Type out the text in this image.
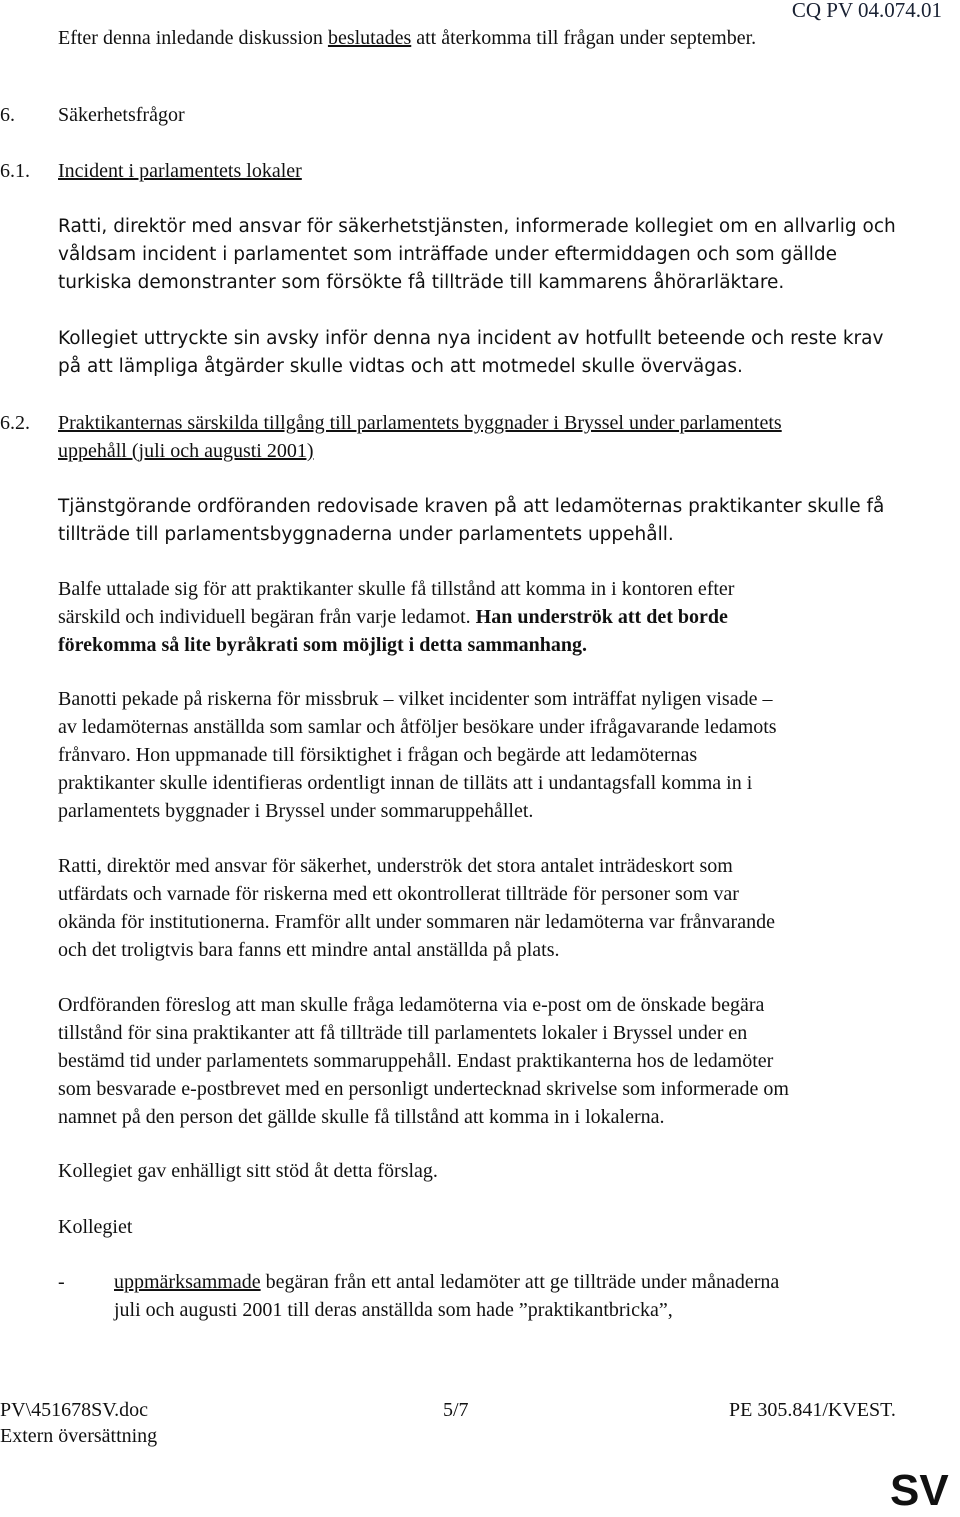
CQ PV 04.074.01
Efter denna inledande diskussion beslutades att återkomma till frågan under september.
6. Säkerhetsfrågor
6.1. Incident i parlamentets lokaler
Ratti, direktör med ansvar för säkerhetstjänsten, informerade kollegiet om en allvarlig och
våldsam incident i parlamentet som inträffade under eftermiddagen och som gällde
turkiska demonstranter som försökte få tillträde till kammarens åhörarläktare.
Kollegiet uttryckte sin avsky inför denna nya incident av hotfullt beteende och reste krav
på att lämpliga åtgärder skulle vidtas och att motmedel skulle övervägas.
6.2. Praktikanternas särskilda tillgång till parlamentets byggnader i Bryssel under parlamentets
uppehåll (juli och augusti 2001)
Tjänstgörande ordföranden redovisade kraven på att ledamöternas praktikanter skulle få
tillträde till parlamentsbyggnaderna under parlamentets uppehåll.
Balfe uttalade sig för att praktikanter skulle få tillstånd att komma in i kontoren efter
särskild och individuell begäran från varje ledamot. Han underströk att det borde
förekomma så lite byråkrati som möjligt i detta sammanhang.
Banotti pekade på riskerna för missbruk – vilket incidenter som inträffat nyligen visade –
av ledamöternas anställda som samlar och åtföljer besökare under ifrågavarande ledamots
frånvaro. Hon uppmanade till försiktighet i frågan och begärde att ledamöternas
praktikanter skulle identifieras ordentligt innan de tilläts att i undantagsfall komma in i
parlamentets byggnader i Bryssel under sommaruppehållet.
Ratti, direktör med ansvar för säkerhet, underströk det stora antalet inträdeskort som
utfärdats och varnade för riskerna med ett okontrollerat tillträde för personer som var
okända för institutionerna. Framför allt under sommaren när ledamöterna var frånvarande
och det troligtvis bara fanns ett mindre antal anställda på plats.
Ordföranden föreslog att man skulle fråga ledamöterna via e-post om de önskade begära
tillstånd för sina praktikanter att få tillträde till parlamentets lokaler i Bryssel under en
bestämd tid under parlamentets sommaruppehåll. Endast praktikanterna hos de ledamöter
som besvarade e-postbrevet med en personligt undertecknad skrivelse som informerade om
namnet på den person det gällde skulle få tillstånd att komma in i lokalerna.
Kollegiet gav enhälligt sitt stöd åt detta förslag.
Kollegiet
- uppmärksammade begäran från ett antal ledamöter att ge tillträde under månaderna
juli och augusti 2001 till deras anställda som hade ”praktikantbricka”,
PV\451678SV.doc	5/7	PE 305.841/KVEST.
Extern översättning
SV
